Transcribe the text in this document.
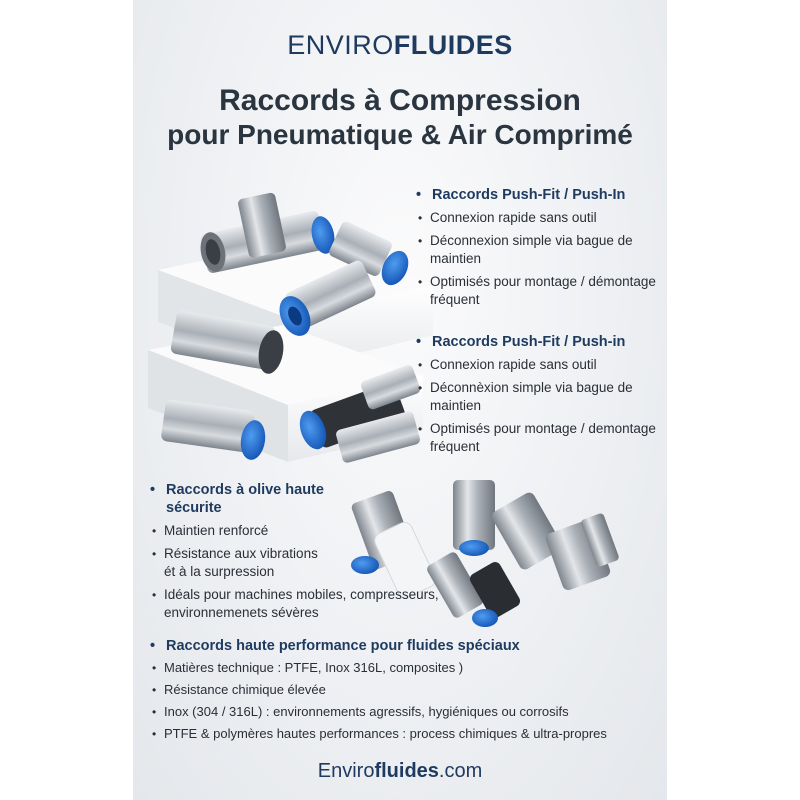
ENVIROFLUIDES
Raccords à Compression
pour Pneumatique & Air Comprimé
• Raccords Push-Fit / Push-In
• Connexion rapide sans outil
• Déconnexion simple via bague de maintien
• Optimisés pour montage / démontage fréquent
• Raccords Push-Fit / Push-in
• Connexion rapide sans outil
• Déconnèxion simple via bague de maintien
• Optimisés pour montage / demontage fréquent
• Raccords à olive haute sécurite
• Maintien renforcé
• Résistance aux vibrations ét à la surpression
• Idéals pour machines mobiles, compresseurs, environnemenets sévères
• Raccords haute performance pour fluides spéciaux
• Matières technique : PTFE, Inox 316L, composites )
• Résistance chimique élevée
• Inox (304 / 316L) : environnements agressifs, hygiéniques ou corrosifs
• PTFE & polymères hautes performances : process chimiques & ultra-propres
Envirofluides.com
